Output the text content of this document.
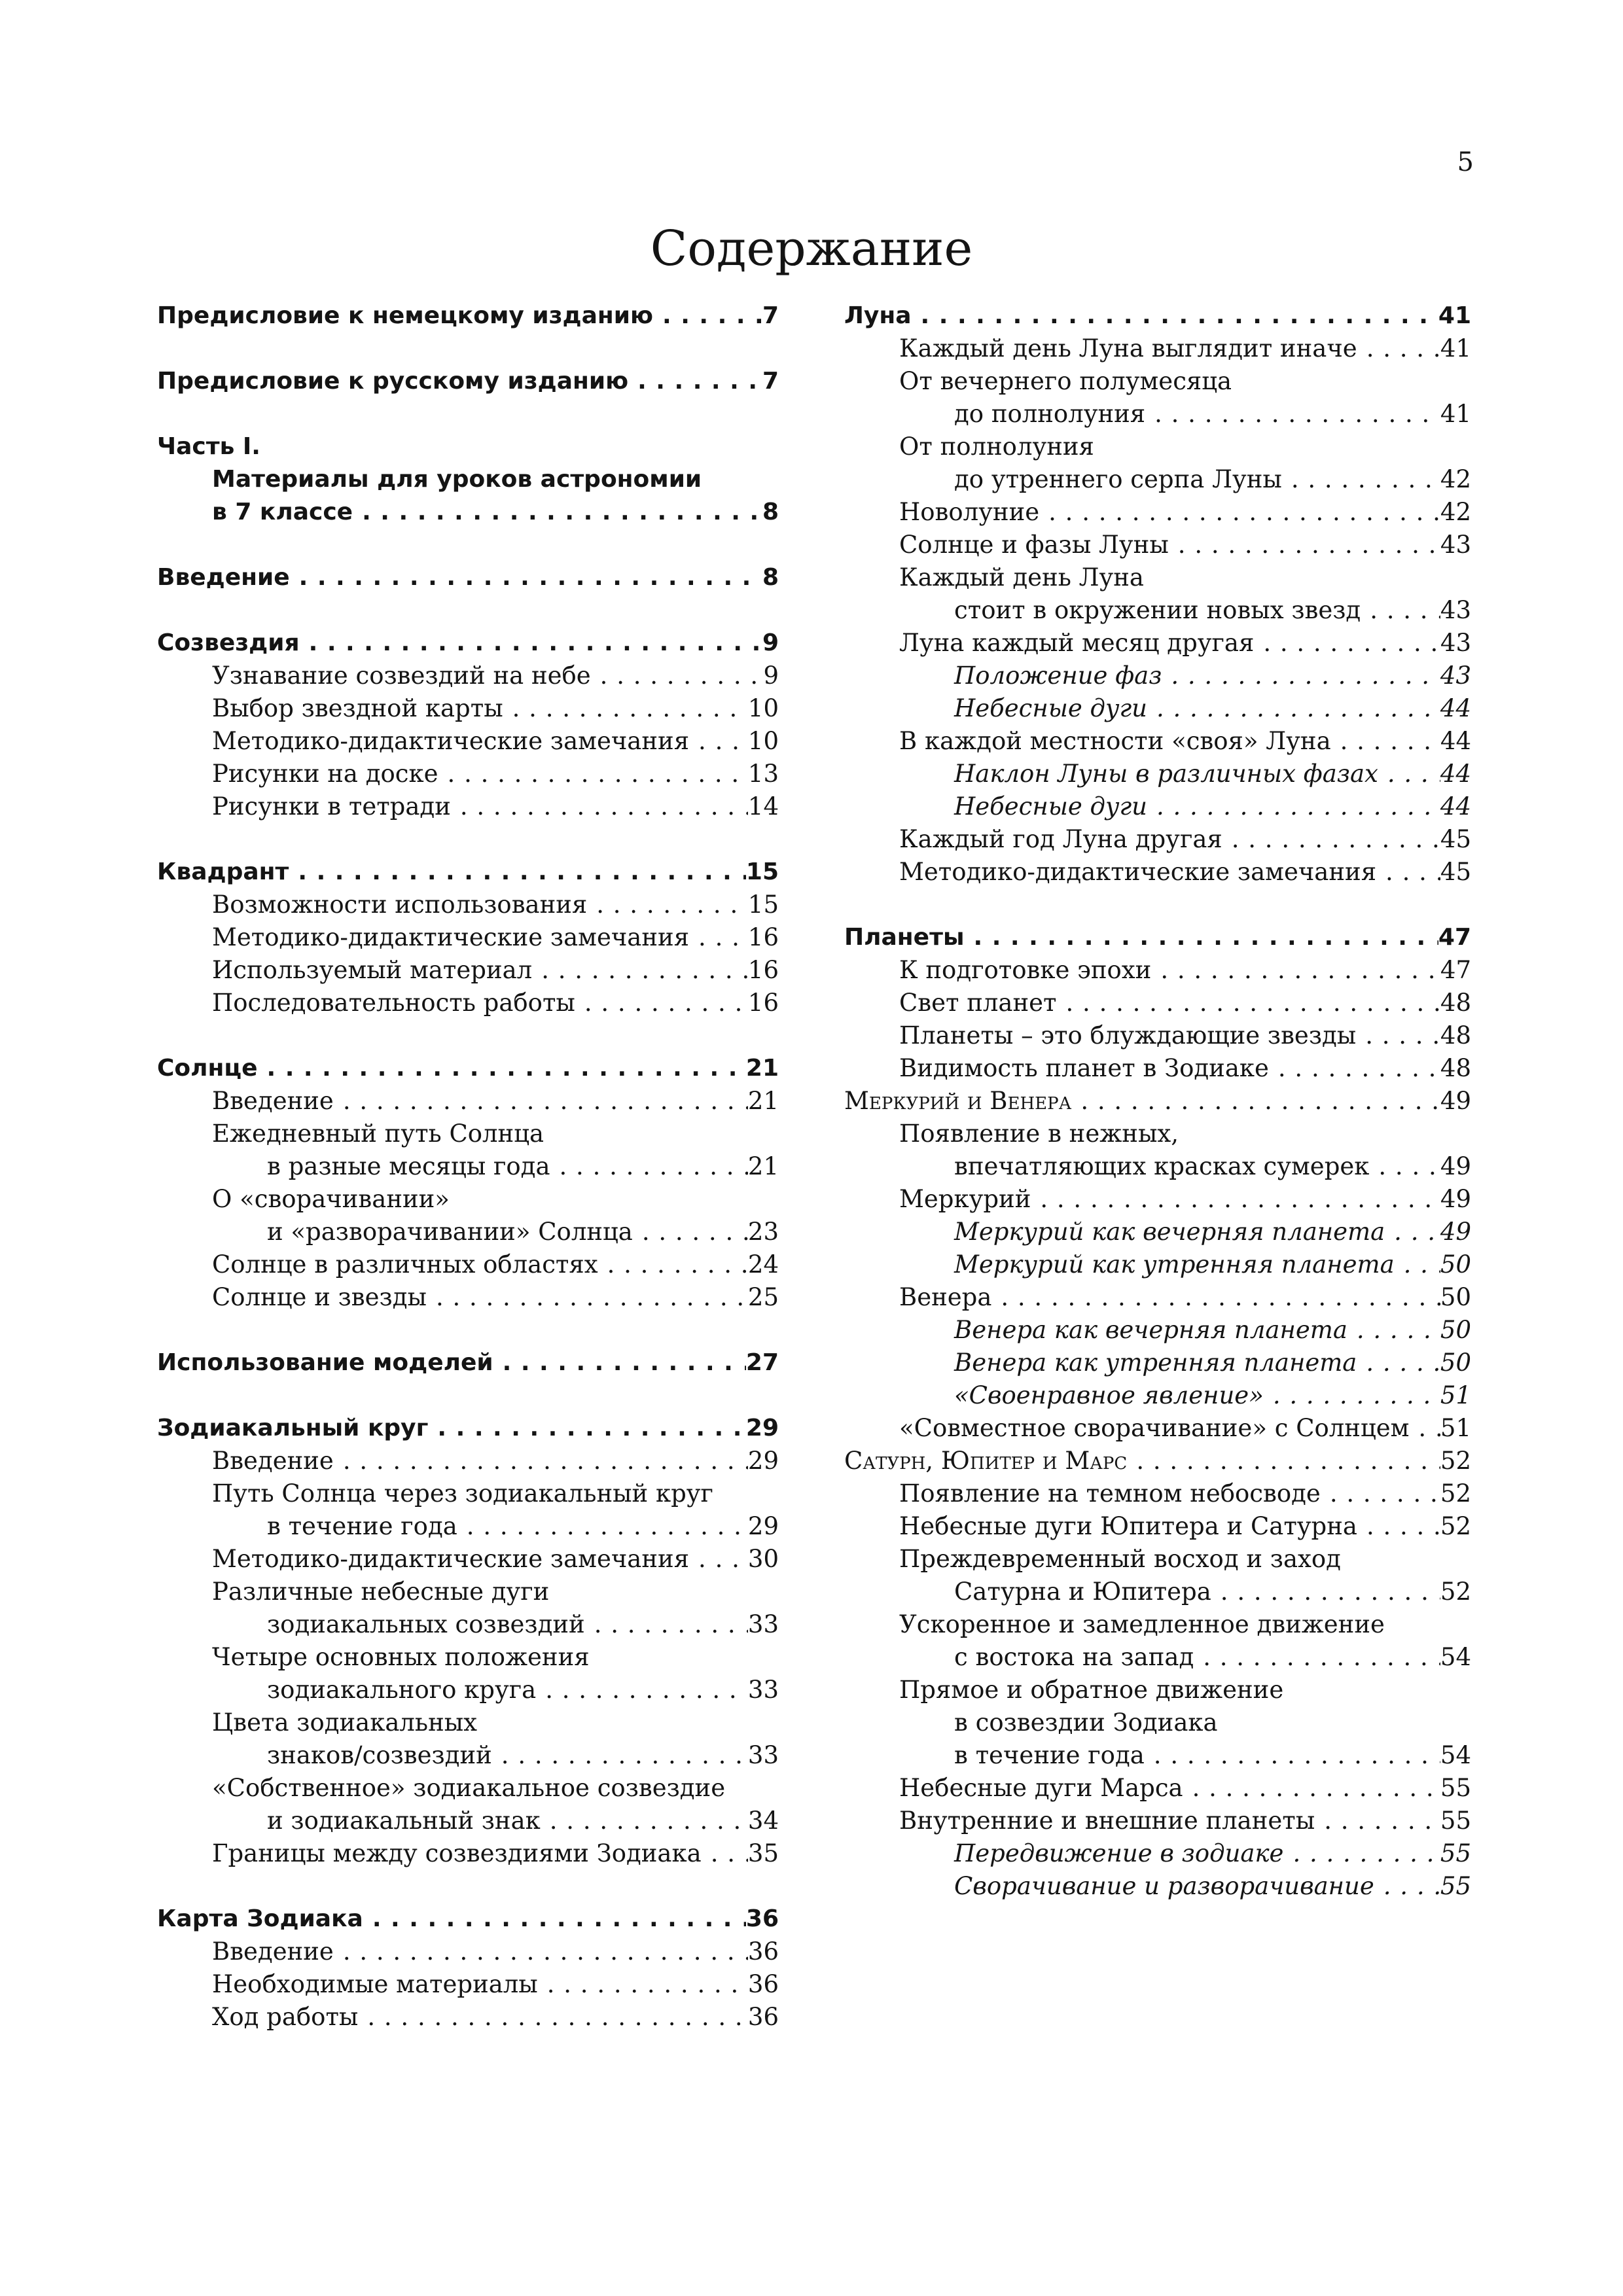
5
Содержание
Предисловие к немецкому изданию . . .	7
Предисловие к русскому изданию . . .	7
Часть I.
Материалы для уроков астрономии
в 7 классе . . .	8
Введение . . .	8
Созвездия . . .	9
Узнавание созвездий на небе . . .	9
Выбор звездной карты . . .	10
Методико-дидактические замечания . . . 10
Рисунки на доске . . .	13
Рисунки в тетради . . .	14
Квадрант . . .	15
Возможности использования . . .	15
Методико-дидактические замечания . . . 16
Используемый материал . . .	16
Последовательность работы . . .	16
Солнце . . .	21
Введение . . .	21
Ежедневный путь Солнца
в разные месяцы года . . .	21
О «сворачивании»
и «разворачивании» Солнца . . .	23
Солнце в различных областях . . .	24
Солнце и звезды . . .	25
Использование моделей . . .	27
Зодиакальный круг . . .	29
Введение . . .	29
Путь Солнца через зодиакальный круг
в течение года . . .	29
Методико-дидактические замечания . . . 30
Различные небесные дуги
зодиакальных созвездий . . .	33
Четыре основных положения
зодиакального круга . . .	33
Цвета зодиакальных
знаков/созвездий . . .	33
«Собственное» зодиакальное созвездие
и зодиакальный знак . . .	34
Границы между созвездиями Зодиака . . . 35
Карта Зодиака . . .	36
Введение . . .	36
Необходимые материалы . . .	36
Ход работы . . .	36
Луна . . .	41
Каждый день Луна выглядит иначе . . .	41
От вечернего полумесяца
до полнолуния . . .	41
От полнолуния
до утреннего серпа Луны . . .	42
Новолуние . . .	42
Солнце и фазы Луны . . .	43
Каждый день Луна
стоит в окружении новых звезд . . .	43
Луна каждый месяц другая . . .	43
Положение фаз . . .	43
Небесные дуги . . .	44
В каждой местности «своя» Луна . . .	44
Наклон Луны в различных фазах . . .	44
Небесные дуги . . .	44
Каждый год Луна другая . . .	45
Методико-дидактические замечания . . .	45
Планеты . . .	47
К подготовке эпохи . . .	47
Свет планет . . .	48
Планеты – это блуждающие звезды . . .	48
Видимость планет в Зодиаке . . .	48
Меркурий и Венера . . .	49
Появление в нежных,
впечатляющих красках сумерек . . .	49
Меркурий . . .	49
Меркурий как вечерняя планета . . . 49
Меркурий как утренняя планета . . . 50
Венера . . .	50
Венера как вечерняя планета . . .	50
Венера как утренняя планета . . .	50
«Своенравное явление» . . .	51
«Совместное сворачивание» с Солнцем . . . 51
Сатурн, Юпитер и Марс . . .	52
Появление на темном небосводе . . .	52
Небесные дуги Юпитера и Сатурна . . .	52
Преждевременный восход и заход
Сатурна и Юпитера . . .	52
Ускоренное и замедленное движение
с востока на запад . . .	54
Прямое и обратное движение
в созвездии Зодиака
в течение года . . .	54
Небесные дуги Марса . . .	55
Внутренние и внешние планеты . . .	55
Передвижение в зодиаке . . .	55
Сворачивание и разворачивание . . .	55
